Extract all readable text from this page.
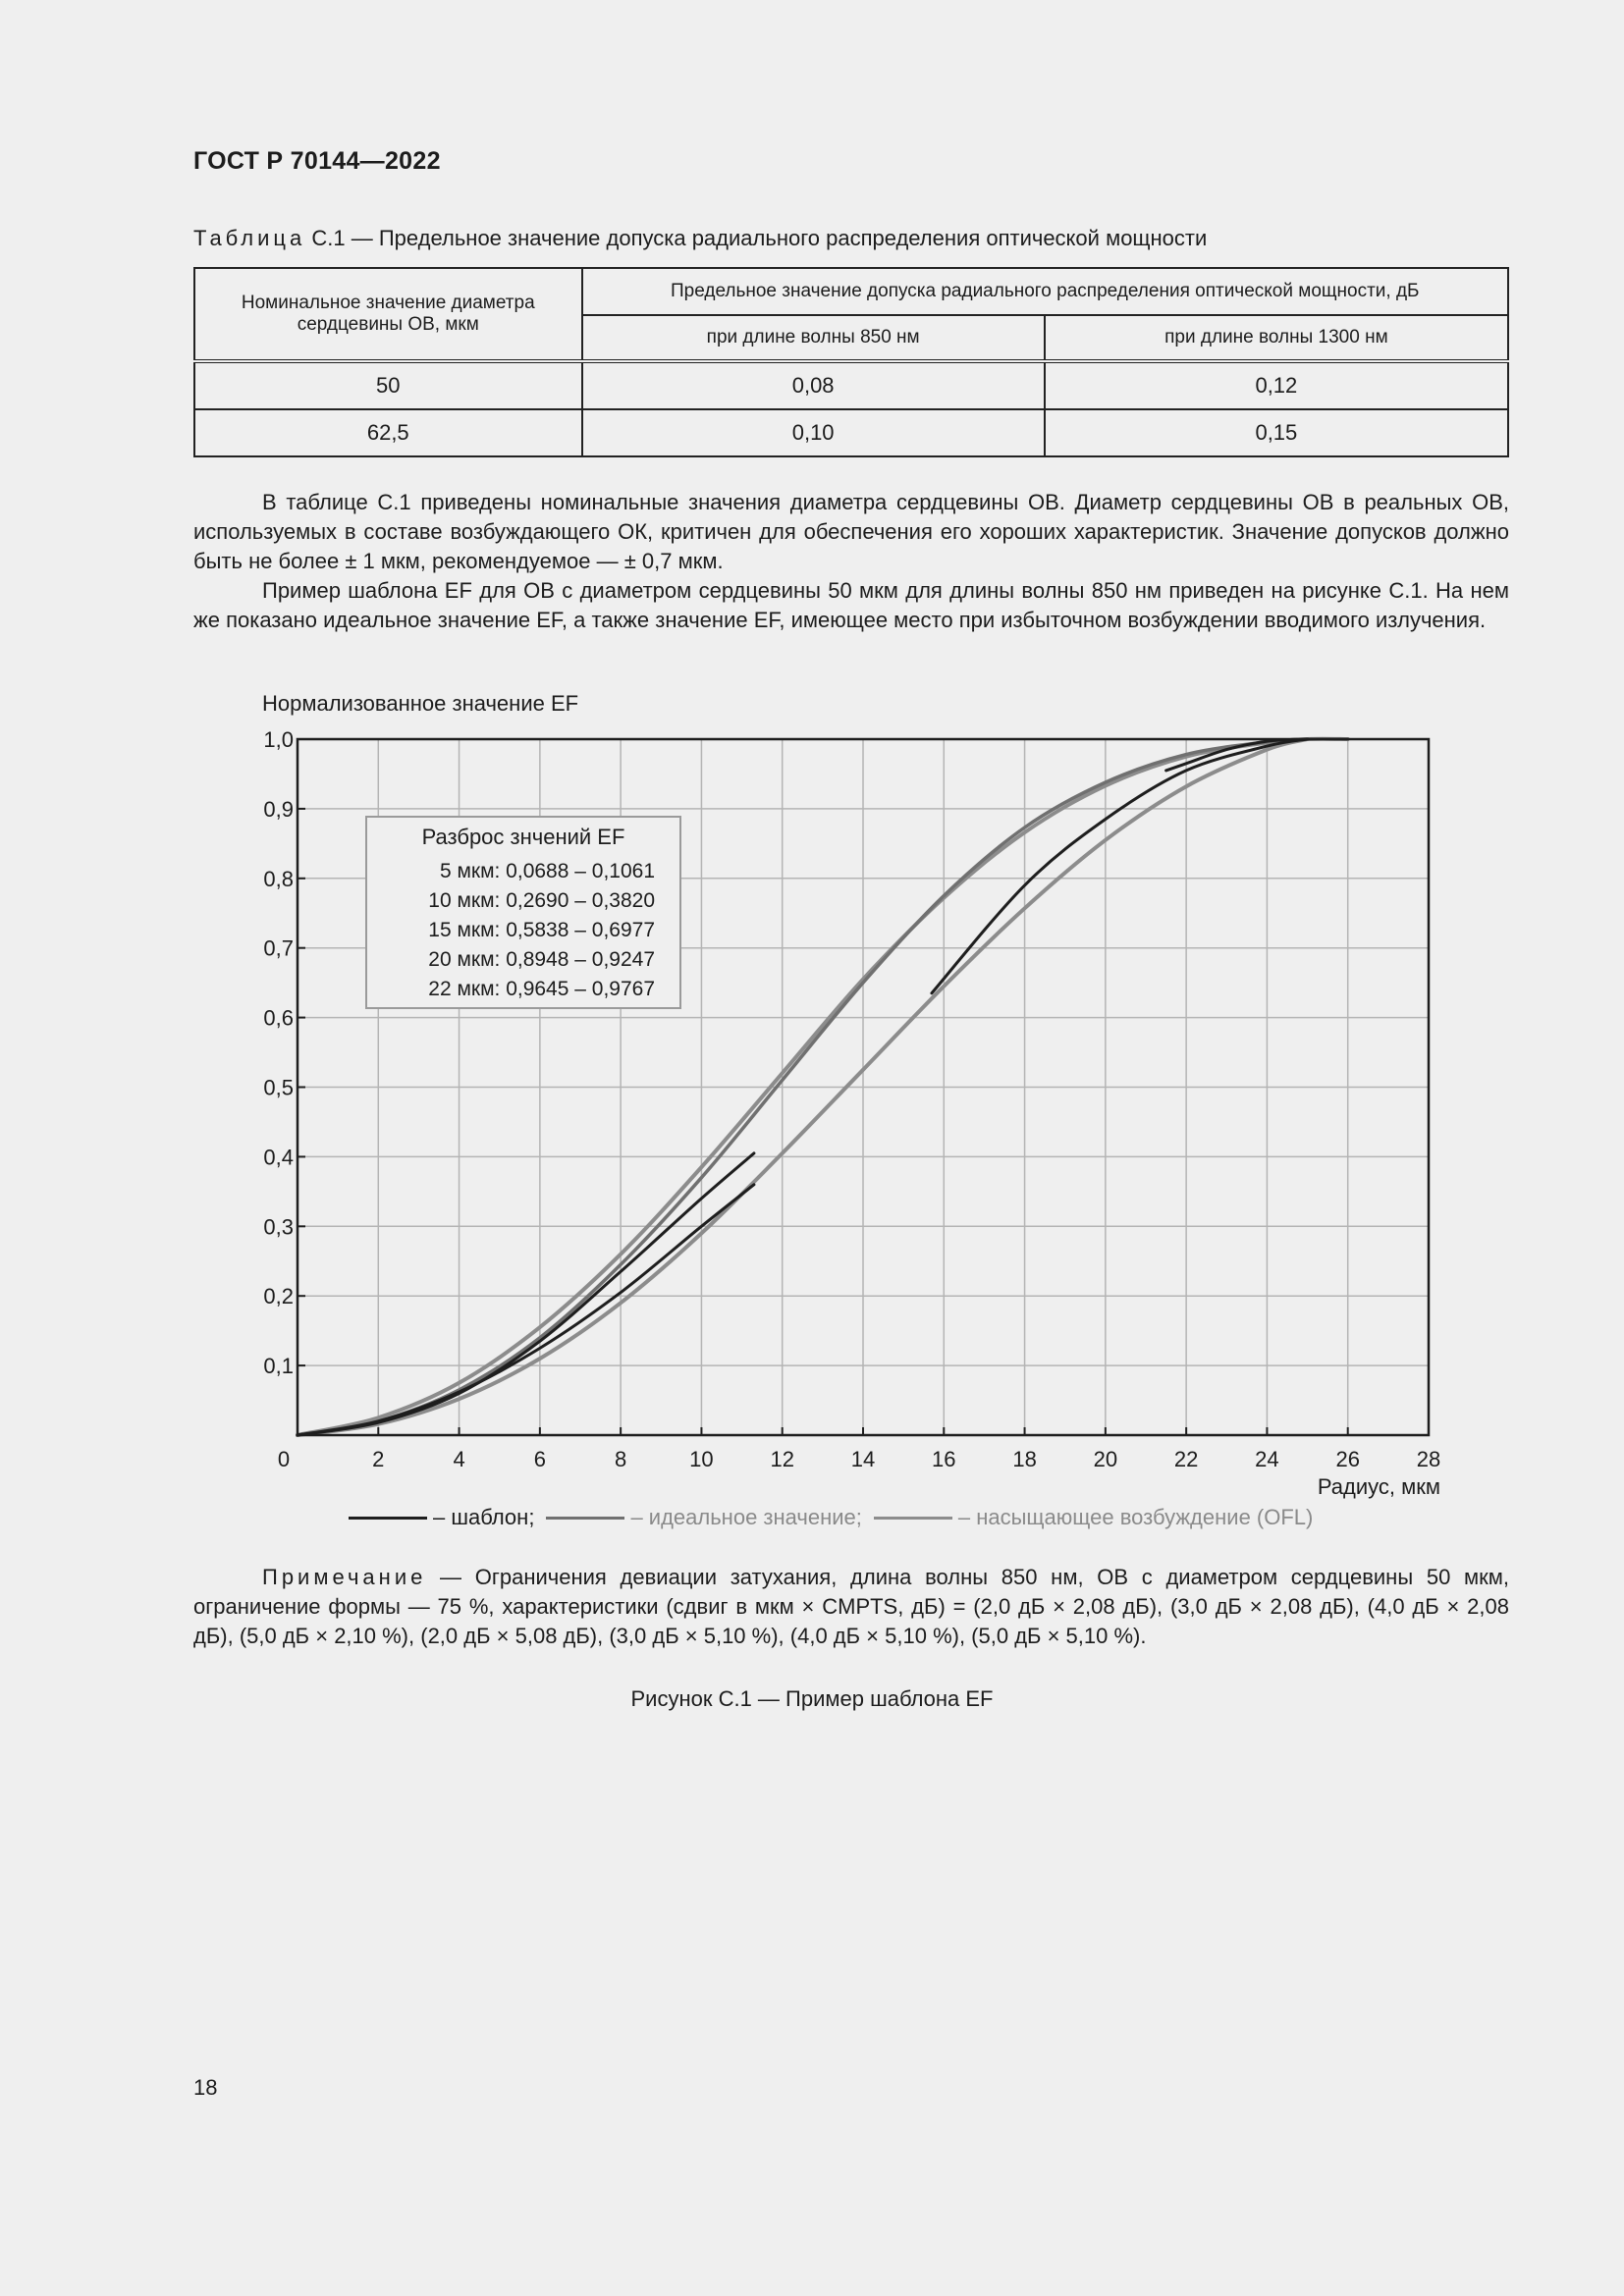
ГОСТ Р 70144—2022
Таблица С.1 — Предельное значение допуска радиального распределения оптической мощности
Номинальное значение диаметра сердцевины ОВ, мкм	Предельное значение допуска радиального распределения оптической мощности, дБ	
	при длине волны 850 нм	при длине волны 1300 нм
50	0,08	0,12
62,5	0,10	0,15

В таблице С.1 приведены номинальные значения диаметра сердцевины ОВ. Диаметр сердцевины ОВ в реальных ОВ, используемых в составе возбуждающего ОК, критичен для обеспечения его хороших характеристик. Значение допусков должно быть не более ± 1 мкм, рекомендуемое — ± 0,7 мкм.

Пример шаблона EF для ОВ с диаметром сердцевины 50 мкм для длины волны 850 нм приведен на рисунке С.1. На нем же показано идеальное значение EF, а также значение EF, имеющее место при избыточном возбуждении вводимого излучения.

Нормализованное значение EF
0	2	4	6	8	10	12	14	16	18	20	22	24	26	28
0,1
0,2
0,3
0,4
0,5
0,6
0,7
0,8
0,9
1,0
Радиус, мкм
Разброс знчений EF
5 мкм: 0,0688 – 0,1061
10 мкм: 0,2690 – 0,3820
15 мкм: 0,5838 – 0,6977
20 мкм: 0,8948 – 0,9247
22 мкм: 0,9645 – 0,9767
– шаблон;	– идеальное значение;	– насыщающее возбуждение (OFL)

Примечание — Ограничения девиации затухания, длина волны 850 нм, ОВ с диаметром сердцевины 50 мкм, ограничение формы — 75 %, характеристики (сдвиг в мкм × CMPTS, дБ) = (2,0 дБ × 2,08 дБ), (3,0 дБ × 2,08 дБ), (4,0 дБ × 2,08 дБ), (5,0 дБ × 2,10 %), (2,0 дБ × 5,08 дБ), (3,0 дБ × 5,10 %), (4,0 дБ × 5,10 %), (5,0 дБ × 5,10 %).

Рисунок С.1 — Пример шаблона EF
18
